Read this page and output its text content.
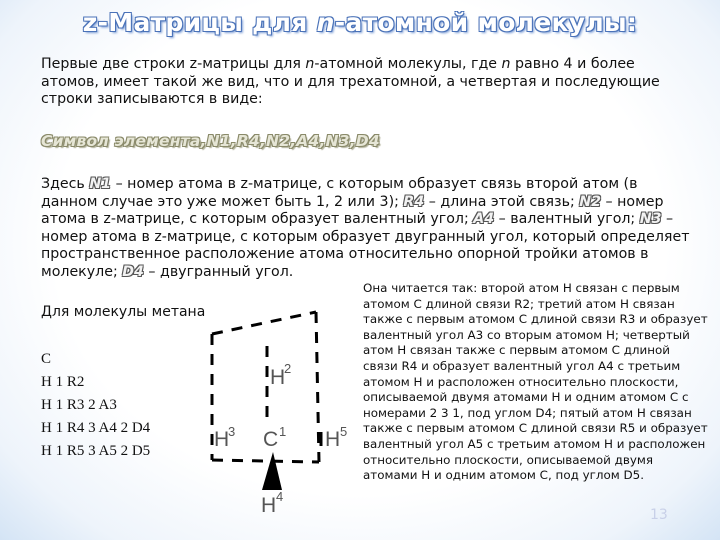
z-Матрицы для n-атомной молекулы:
Первые две строки z-матрицы для n-атомной молекулы, где n равно 4 и более атомов, имеет такой же вид, что и для трехатомной, а четвертая и последующие строки записываются в виде:
Символ элемента,N1,R4,N2,A4,N3,D4
Здесь N1 – номер атома в z-матрице, с которым образует связь второй атом (в данном случае это уже может быть 1, 2 или 3); R4 – длина этой связь; N2 – номер атома в z-матрице, с которым образует валентный угол; A4 – валентный угол; N3 – номер атома в z-матрице, с которым образует двугранный угол, который определяет пространственное расположение атома относительно опорной тройки атомов в молекуле; D4 – двугранный угол.
Для молекулы метана
C
H 1 R2
H 1 R3 2 A3
H 1 R4 3 A4 2 D4
H 1 R5 3 A5 2 D5
H
2
H
3 C 1 H 5
H 4
Она читается так: второй атом H связан с первым атомом C длиной связи R2; третий атом H связан также с первым атомом C длиной связи R3 и образует валентный угол A3 со вторым атомом H; четвертый атом H связан также с первым атомом C длиной связи R4 и образует валентный угол A4 с третьим атомом H и расположен относительно плоскости, описываемой двумя атомами H и одним атомом C с номерами 2 3 1, под углом D4; пятый атом H связан также с первым атомом C длиной связи R5 и образует валентный угол A5 с третьим атомом H и расположен относительно плоскости, описываемой двумя атомами H и одним атомом C, под углом D5.
13
